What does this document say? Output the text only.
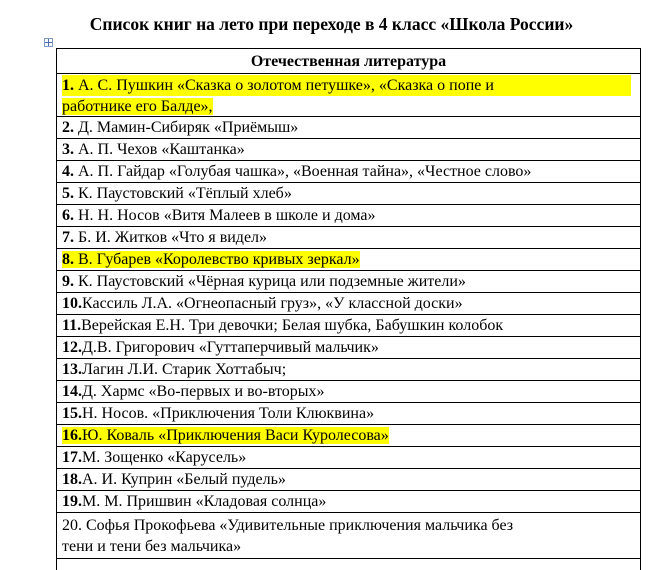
Список книг на лето при переходе в 4 класс «Школа России»
Отечественная литература
1. А. С. Пушкин «Сказка о золотом петушке», «Сказка о попе и
работнике его Балде»,
2. Д. Мамин-Сибиряк «Приёмыш»
3. А. П. Чехов «Каштанка»
4. А. П. Гайдар «Голубая чашка», «Военная тайна», «Честное слово»
5. К. Паустовский «Тёплый хлеб»
6. Н. Н. Носов «Витя Малеев в школе и дома»
7. Б. И. Житков «Что я видел»
8. В. Губарев «Королевство кривых зеркал»
9. К. Паустовский «Чёрная курица или подземные жители»
10.Кассиль Л.А. «Огнеопасный груз», «У классной доски»
11.Верейская Е.Н. Три девочки; Белая шубка, Бабушкин колобок
12.Д.В. Григорович «Гуттаперчивый мальчик»
13.Лагин Л.И. Старик Хоттабыч;
14.Д. Хармс «Во-первых и во-вторых»
15.Н. Носов. «Приключения Толи Клюквина»
16.Ю. Коваль «Приключения Васи Куролесова»
17.М. Зощенко «Карусель»
18.А. И. Куприн «Белый пудель»
19.М. М. Пришвин «Кладовая солнца»
20. Софья Прокофьева «Удивительные приключения мальчика без
тени и тени без мальчика»
